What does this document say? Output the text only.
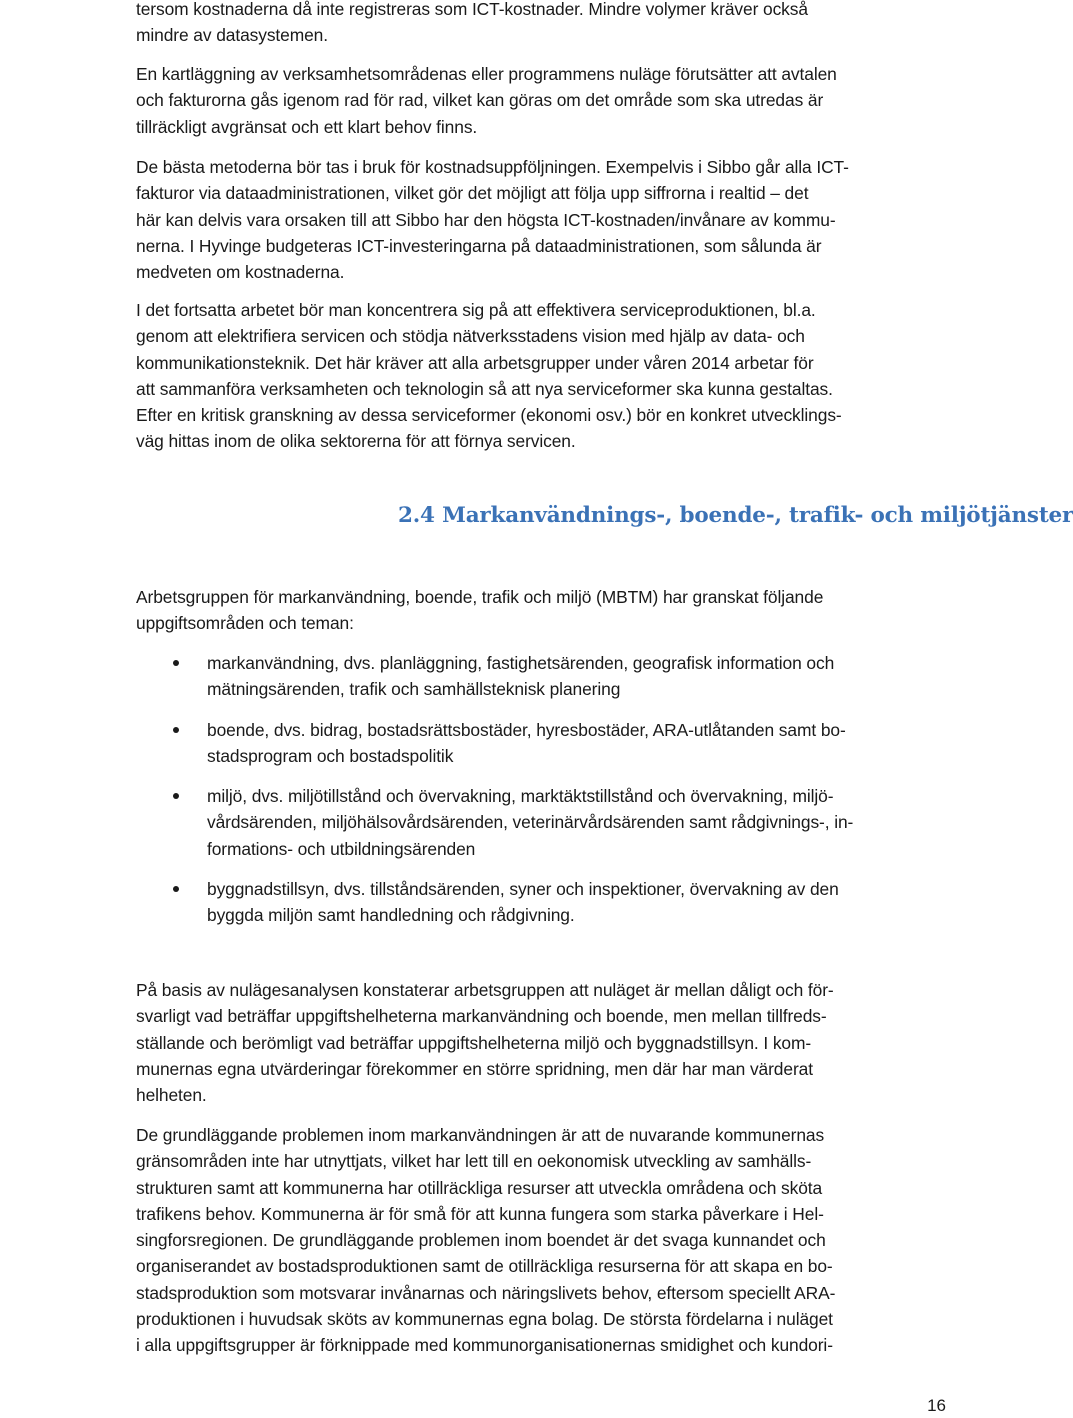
tersom kostnaderna då inte registreras som ICT-kostnader. Mindre volymer kräver också
mindre av datasystemen.

En kartläggning av verksamhetsområdenas eller programmens nuläge förutsätter att avtalen
och fakturorna gås igenom rad för rad, vilket kan göras om det område som ska utredas är
tillräckligt avgränsat och ett klart behov finns.

De bästa metoderna bör tas i bruk för kostnadsuppföljningen. Exempelvis i Sibbo går alla ICT-
fakturor via dataadministrationen, vilket gör det möjligt att följa upp siffrorna i realtid – det
här kan delvis vara orsaken till att Sibbo har den högsta ICT-kostnaden/invånare av kommu-
nerna. I Hyvinge budgeteras ICT-investeringarna på dataadministrationen, som sålunda är
medveten om kostnaderna.

I det fortsatta arbetet bör man koncentrera sig på att effektivera serviceproduktionen, bl.a.
genom att elektrifiera servicen och stödja nätverksstadens vision med hjälp av data- och
kommunikationsteknik. Det här kräver att alla arbetsgrupper under våren 2014 arbetar för
att sammanföra verksamheten och teknologin så att nya serviceformer ska kunna gestaltas.
Efter en kritisk granskning av dessa serviceformer (ekonomi osv.) bör en konkret utvecklings-
väg hittas inom de olika sektorerna för att förnya servicen.

2.4 Markanvändnings-, boende-, trafik- och miljötjänster

Arbetsgruppen för markanvändning, boende, trafik och miljö (MBTM) har granskat följande
uppgiftsområden och teman:

markanvändning, dvs. planläggning, fastighetsärenden, geografisk information och
mätningsärenden, trafik och samhällsteknisk planering
boende, dvs. bidrag, bostadsrättsbostäder, hyresbostäder, ARA-utlåtanden samt bo-
stadsprogram och bostadspolitik
miljö, dvs. miljötillstånd och övervakning, marktäktstillstånd och övervakning, miljö-
vårdsärenden, miljöhälsovårdsärenden, veterinärvårdsärenden samt rådgivnings-, in-
formations- och utbildningsärenden
byggnadstillsyn, dvs. tillståndsärenden, syner och inspektioner, övervakning av den
byggda miljön samt handledning och rådgivning.

På basis av nulägesanalysen konstaterar arbetsgruppen att nuläget är mellan dåligt och för-
svarligt vad beträffar uppgiftshelheterna markanvändning och boende, men mellan tillfreds-
ställande och berömligt vad beträffar uppgiftshelheterna miljö och byggnadstillsyn. I kom-
munernas egna utvärderingar förekommer en större spridning, men där har man värderat
helheten.

De grundläggande problemen inom markanvändningen är att de nuvarande kommunernas
gränsområden inte har utnyttjats, vilket har lett till en oekonomisk utveckling av samhälls-
strukturen samt att kommunerna har otillräckliga resurser att utveckla områdena och sköta
trafikens behov. Kommunerna är för små för att kunna fungera som starka påverkare i Hel-
singforsregionen. De grundläggande problemen inom boendet är det svaga kunnandet och
organiserandet av bostadsproduktionen samt de otillräckliga resurserna för att skapa en bo-
stadsproduktion som motsvarar invånarnas och näringslivets behov, eftersom speciellt ARA-
produktionen i huvudsak sköts av kommunernas egna bolag. De största fördelarna i nuläget
i alla uppgiftsgrupper är förknippade med kommunorganisationernas smidighet och kundori-

16
